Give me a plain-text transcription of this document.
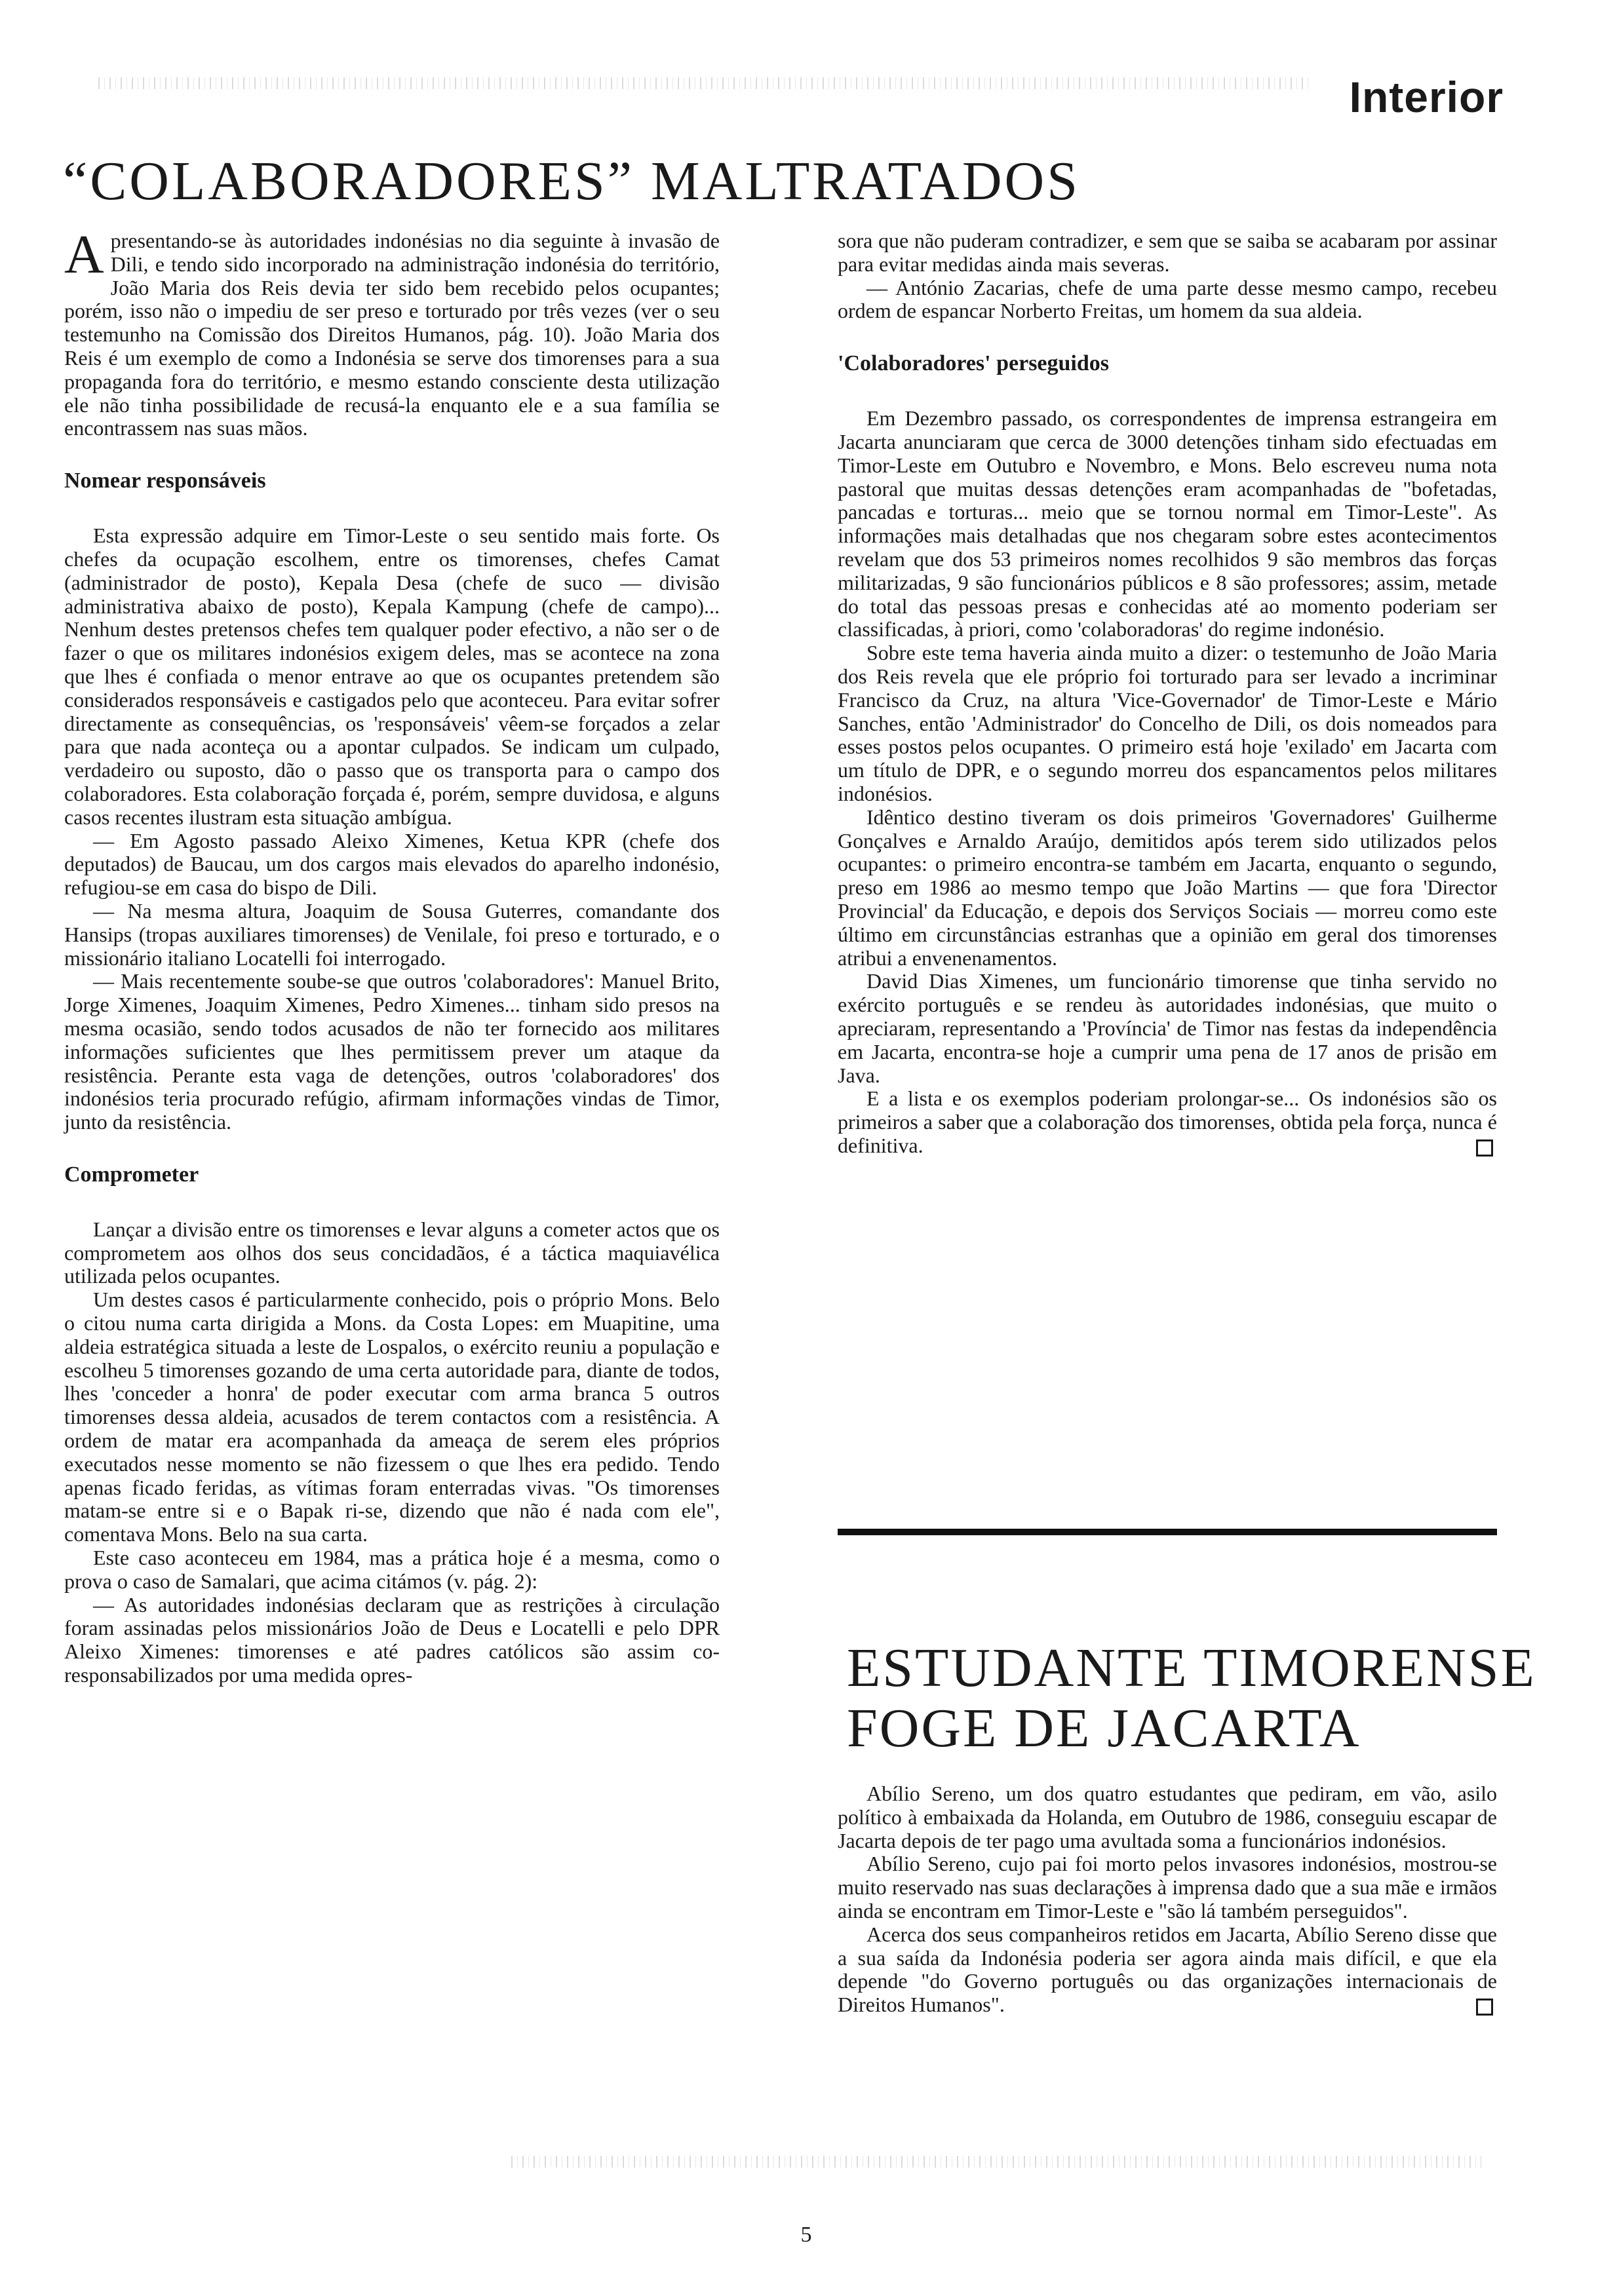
Interior
“COLABORADORES” MALTRATADOS

Apresentando-se às autoridades indonésias no dia seguinte à invasão de Dili, e tendo sido incorporado na administração indonésia do território, João Maria dos Reis devia ter sido bem recebido pelos ocupantes; porém, isso não o impediu de ser preso e torturado por três vezes (ver o seu testemunho na Comissão dos Direitos Humanos, pág. 10). João Maria dos Reis é um exemplo de como a Indonésia se serve dos timorenses para a sua propaganda fora do território, e mesmo estando consciente desta utilização ele não tinha possibilidade de recusá-la enquanto ele e a sua família se encontrassem nas suas mãos.

Nomear responsáveis

Esta expressão adquire em Timor-Leste o seu sentido mais forte. Os chefes da ocupação escolhem, entre os timorenses, chefes Camat (administrador de posto), Kepala Desa (chefe de suco — divisão administrativa abaixo de posto), Kepala Kampung (chefe de campo)... Nenhum destes pretensos chefes tem qualquer poder efectivo, a não ser o de fazer o que os militares indonésios exigem deles, mas se acontece na zona que lhes é confiada o menor entrave ao que os ocupantes pretendem são considerados responsáveis e castigados pelo que aconteceu. Para evitar sofrer directamente as consequências, os 'responsáveis' vêem-se forçados a zelar para que nada aconteça ou a apontar culpados. Se indicam um culpado, verdadeiro ou suposto, dão o passo que os transporta para o campo dos colaboradores. Esta colaboração forçada é, porém, sempre duvidosa, e alguns casos recentes ilustram esta situação ambígua.

— Em Agosto passado Aleixo Ximenes, Ketua KPR (chefe dos deputados) de Baucau, um dos cargos mais elevados do aparelho indonésio, refugiou-se em casa do bispo de Dili.

— Na mesma altura, Joaquim de Sousa Guterres, comandante dos Hansips (tropas auxiliares timorenses) de Venilale, foi preso e torturado, e o missionário italiano Locatelli foi interrogado.

— Mais recentemente soube-se que outros 'colaboradores': Manuel Brito, Jorge Ximenes, Joaquim Ximenes, Pedro Ximenes... tinham sido presos na mesma ocasião, sendo todos acusados de não ter fornecido aos militares informações suficientes que lhes permitissem prever um ataque da resistência. Perante esta vaga de detenções, outros 'colaboradores' dos indonésios teria procurado refúgio, afirmam informações vindas de Timor, junto da resistência.

Comprometer

Lançar a divisão entre os timorenses e levar alguns a cometer actos que os comprometem aos olhos dos seus concidadãos, é a táctica maquiavélica utilizada pelos ocupantes.

Um destes casos é particularmente conhecido, pois o próprio Mons. Belo o citou numa carta dirigida a Mons. da Costa Lopes: em Muapitine, uma aldeia estratégica situada a leste de Lospalos, o exército reuniu a população e escolheu 5 timorenses gozando de uma certa autoridade para, diante de todos, lhes 'conceder a honra' de poder executar com arma branca 5 outros timorenses dessa aldeia, acusados de terem contactos com a resistência. A ordem de matar era acompanhada da ameaça de serem eles próprios executados nesse momento se não fizessem o que lhes era pedido. Tendo apenas ficado feridas, as vítimas foram enterradas vivas. "Os timorenses matam-se entre si e o Bapak ri-se, dizendo que não é nada com ele", comentava Mons. Belo na sua carta.

Este caso aconteceu em 1984, mas a prática hoje é a mesma, como o prova o caso de Samalari, que acima citámos (v. pág. 2):

— As autoridades indonésias declaram que as restrições à circulação foram assinadas pelos missionários João de Deus e Locatelli e pelo DPR Aleixo Ximenes: timorenses e até padres católicos são assim co-responsabilizados por uma medida opres-

sora que não puderam contradizer, e sem que se saiba se acabaram por assinar para evitar medidas ainda mais severas.

— António Zacarias, chefe de uma parte desse mesmo campo, recebeu ordem de espancar Norberto Freitas, um homem da sua aldeia.

'Colaboradores' perseguidos

Em Dezembro passado, os correspondentes de imprensa estrangeira em Jacarta anunciaram que cerca de 3000 detenções tinham sido efectuadas em Timor-Leste em Outubro e Novembro, e Mons. Belo escreveu numa nota pastoral que muitas dessas detenções eram acompanhadas de "bofetadas, pancadas e torturas... meio que se tornou normal em Timor-Leste". As informações mais detalhadas que nos chegaram sobre estes acontecimentos revelam que dos 53 primeiros nomes recolhidos 9 são membros das forças militarizadas, 9 são funcionários públicos e 8 são professores; assim, metade do total das pessoas presas e conhecidas até ao momento poderiam ser classificadas, à priori, como 'colaboradoras' do regime indonésio.

Sobre este tema haveria ainda muito a dizer: o testemunho de João Maria dos Reis revela que ele próprio foi torturado para ser levado a incriminar Francisco da Cruz, na altura 'Vice-Governador' de Timor-Leste e Mário Sanches, então 'Administrador' do Concelho de Dili, os dois nomeados para esses postos pelos ocupantes. O primeiro está hoje 'exilado' em Jacarta com um título de DPR, e o segundo morreu dos espancamentos pelos militares indonésios.

Idêntico destino tiveram os dois primeiros 'Governadores' Guilherme Gonçalves e Arnaldo Araújo, demitidos após terem sido utilizados pelos ocupantes: o primeiro encontra-se também em Jacarta, enquanto o segundo, preso em 1986 ao mesmo tempo que João Martins — que fora 'Director Provincial' da Educação, e depois dos Serviços Sociais — morreu como este último em circunstâncias estranhas que a opinião em geral dos timorenses atribui a envenenamentos.

David Dias Ximenes, um funcionário timorense que tinha servido no exército português e se rendeu às autoridades indonésias, que muito o apreciaram, representando a 'Província' de Timor nas festas da independência em Jacarta, encontra-se hoje a cumprir uma pena de 17 anos de prisão em Java.

E a lista e os exemplos poderiam prolongar-se... Os indonésios são os primeiros a saber que a colaboração dos timorenses, obtida pela força, nunca é definitiva.

ESTUDANTE TIMORENSE
FOGE DE JACARTA

Abílio Sereno, um dos quatro estudantes que pediram, em vão, asilo político à embaixada da Holanda, em Outubro de 1986, conseguiu escapar de Jacarta depois de ter pago uma avultada soma a funcionários indonésios.

Abílio Sereno, cujo pai foi morto pelos invasores indonésios, mostrou-se muito reservado nas suas declarações à imprensa dado que a sua mãe e irmãos ainda se encontram em Timor-Leste e "são lá também perseguidos".

Acerca dos seus companheiros retidos em Jacarta, Abílio Sereno disse que a sua saída da Indonésia poderia ser agora ainda mais difícil, e que ela depende "do Governo português ou das organizações internacionais de Direitos Humanos".

5
